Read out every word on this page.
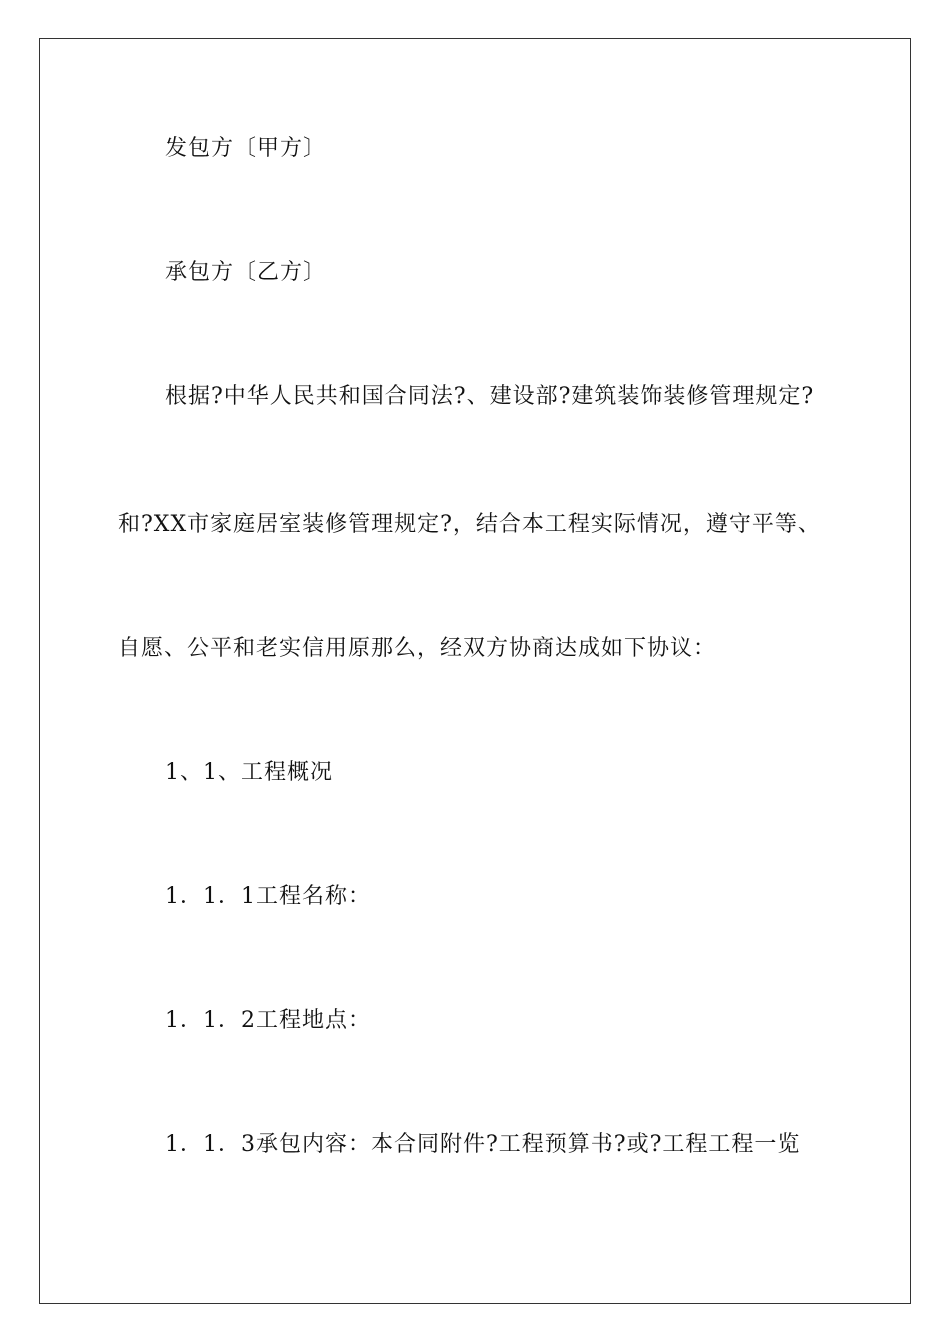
发包方〔甲方〕
承包方〔乙方〕
根据?中华人民共和国合同法?、建设部?建筑装饰装修管理规定?
和?XX市家庭居室装修管理规定?，结合本工程实际情况，遵守平等、
自愿、公平和老实信用原那么，经双方协商达成如下协议：
1、1、工程概况
1．1．1工程名称：
1．1．2工程地点：
1．1．3承包内容：本合同附件?工程预算书?或?工程工程一览
